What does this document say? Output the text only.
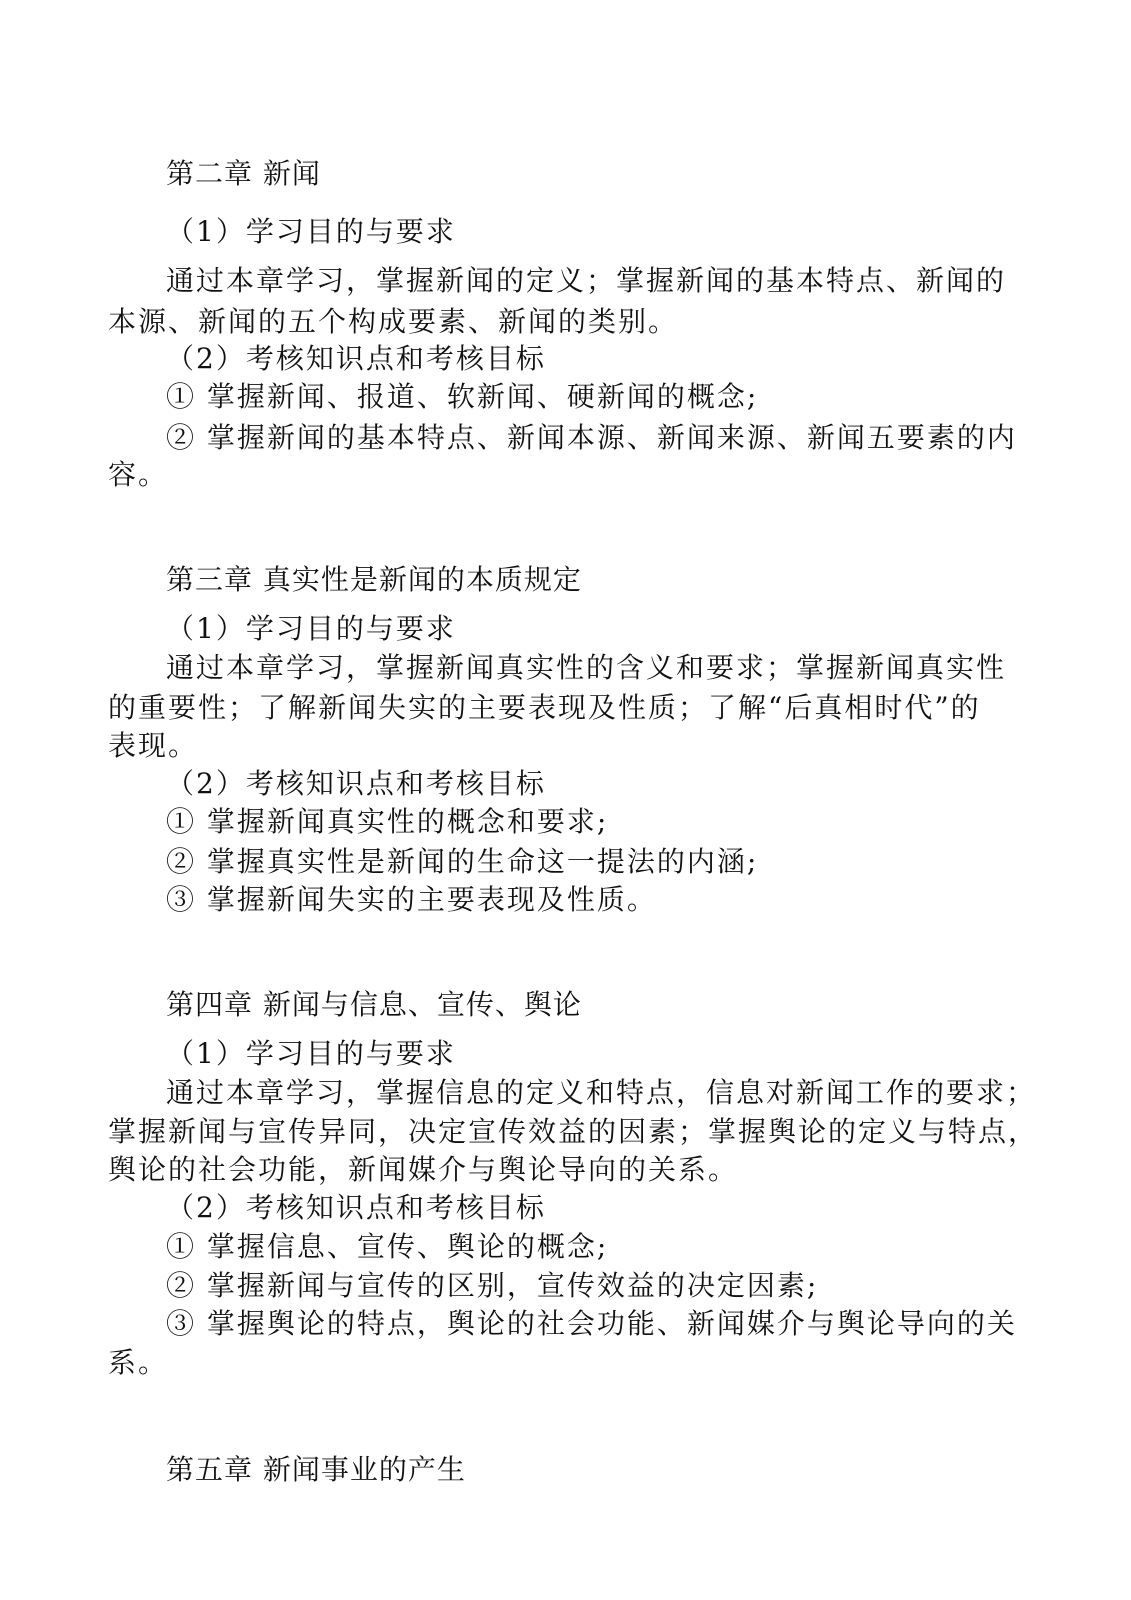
第二章 新闻
（1）学习目的与要求
通过本章学习，掌握新闻的定义；掌握新闻的基本特点、新闻的
本源、新闻的五个构成要素、新闻的类别。
（2）考核知识点和考核目标
① 掌握新闻、报道、软新闻、硬新闻的概念;
② 掌握新闻的基本特点、新闻本源、新闻来源、新闻五要素的内
容。
第三章 真实性是新闻的本质规定
（1）学习目的与要求
通过本章学习，掌握新闻真实性的含义和要求；掌握新闻真实性
的重要性；了解新闻失实的主要表现及性质；了解“后真相时代”的
表现。
（2）考核知识点和考核目标
① 掌握新闻真实性的概念和要求;
② 掌握真实性是新闻的生命这一提法的内涵;
③ 掌握新闻失实的主要表现及性质。
第四章 新闻与信息、宣传、舆论
（1）学习目的与要求
通过本章学习，掌握信息的定义和特点，信息对新闻工作的要求；
掌握新闻与宣传异同，决定宣传效益的因素；掌握舆论的定义与特点，
舆论的社会功能，新闻媒介与舆论导向的关系。
（2）考核知识点和考核目标
① 掌握信息、宣传、舆论的概念;
② 掌握新闻与宣传的区别，宣传效益的决定因素;
③ 掌握舆论的特点，舆论的社会功能、新闻媒介与舆论导向的关
系。
第五章 新闻事业的产生
